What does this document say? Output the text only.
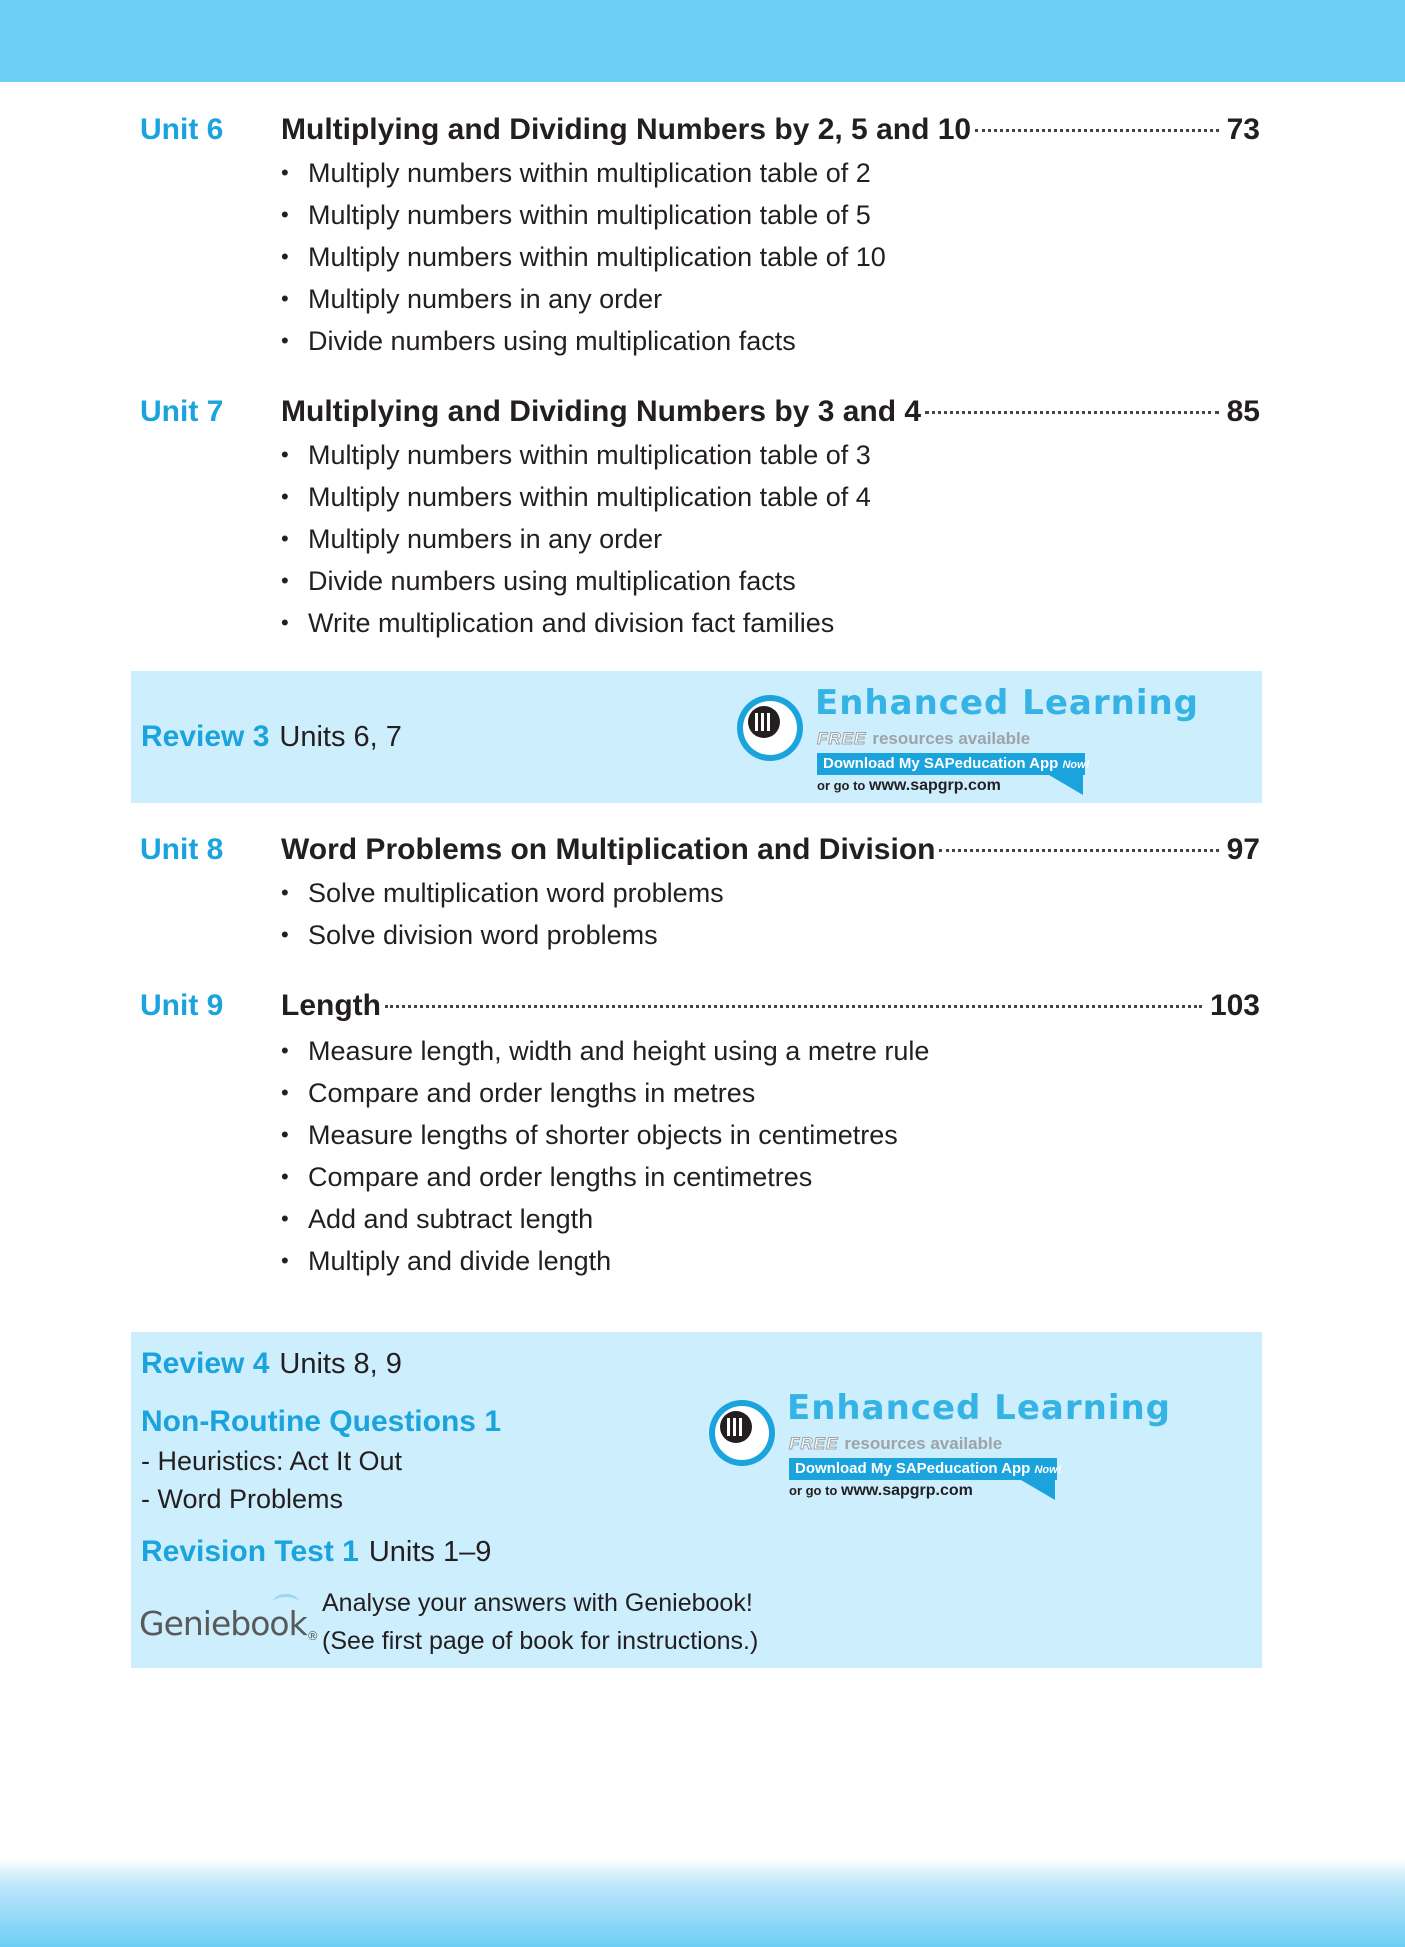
Unit 6 Multiplying and Dividing Numbers by 2, 5 and 10	73
• Multiply numbers within multiplication table of 2
• Multiply numbers within multiplication table of 5
• Multiply numbers within multiplication table of 10
• Multiply numbers in any order
• Divide numbers using multiplication facts
Unit 7 Multiplying and Dividing Numbers by 3 and 4	85
• Multiply numbers within multiplication table of 3
• Multiply numbers within multiplication table of 4
• Multiply numbers in any order
• Divide numbers using multiplication facts
• Write multiplication and division fact families
Review 3 Units 6, 7
Enhanced Learning
FREE resources available
Download My SAPeducation App Now!
or go to www.sapgrp.com
Unit 8 Word Problems on Multiplication and Division	97
• Solve multiplication word problems
• Solve division word problems
Unit 9 Length	103
• Measure length, width and height using a metre rule
• Compare and order lengths in metres
• Measure lengths of shorter objects in centimetres
• Compare and order lengths in centimetres
• Add and subtract length
• Multiply and divide length
Review 4 Units 8, 9
Non-Routine Questions 1
- Heuristics: Act It Out
- Word Problems
Enhanced Learning
FREE resources available
Download My SAPeducation App Now!
or go to www.sapgrp.com
Revision Test 1 Units 1–9
Geniebook®
Analyse your answers with Geniebook!
(See first page of book for instructions.)
